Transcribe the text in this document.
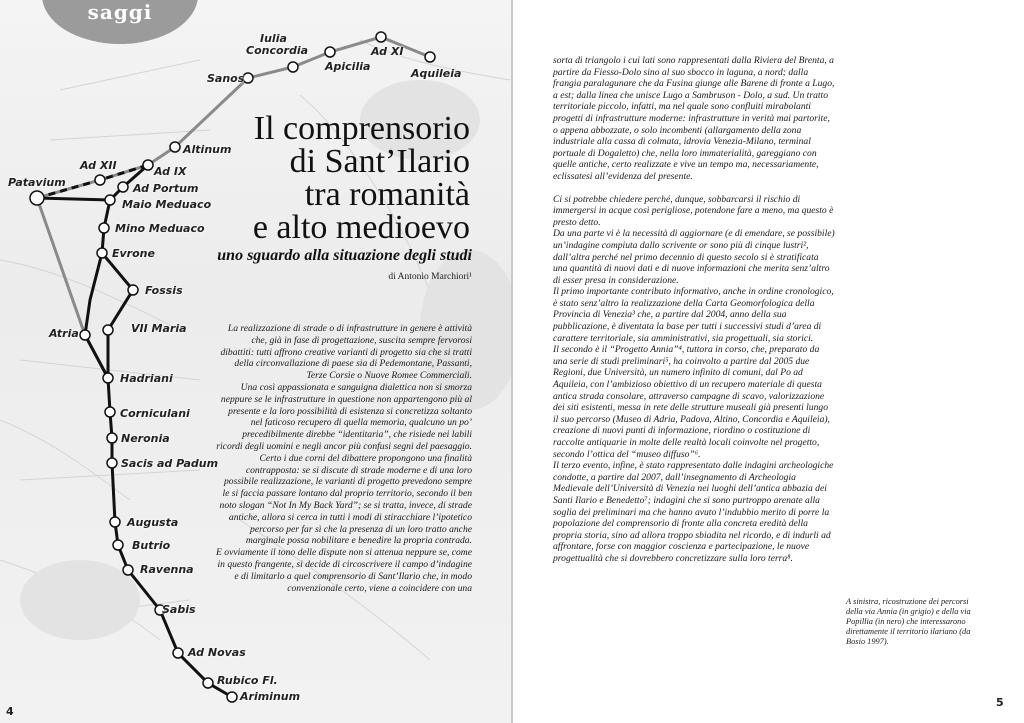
Iulia
Concordia	Ad XI
Apicilia
Aquileia
Sanos
Altinum
Ad XII	Ad IX
Patavium	Ad Portum
Maio Meduaco
Mino Meduaco
Evrone
Fossis
Atria	VII Maria
Hadriani
Corniculani
Neronia
Sacis ad Padum
Augusta
Butrio
Ravenna
Sabis
Ad Novas
Rubico Fl.
Ariminum
saggi
Il comprensorio
di Sant’Ilario
tra romanità
e alto medioevo
uno sguardo alla situazione degli studi
di Antonio Marchiori¹

La realizzazione di strade o di infrastrutture in genere è attività che, già in fase di progettazione, suscita sempre fervorosi dibattiti: tutti affrono creative varianti di progetto sia che si tratti della circonvallazione di paese sia di Pedemontane, Passanti, Terze Corsie o Nuove Romee Commerciali.

Una così appassionata e sanguigna dialettica non si smorza neppure se le infrastrutture in questione non appartengono più al presente e la loro possibilità di esistenza si concretizza soltanto nel faticoso recupero di quella memoria, qualcuno un po’ precedibilmente direbbe “identitaria”, che risiede nei labili ricordi degli uomini e negli ancor più confusi segni del paesaggio.

Certo i due corni del dibattere propongono una finalità contrapposta: se si discute di strade moderne e di una loro possibile realizzazione, le varianti di progetto prevedono sempre le si faccia passare lontano dal proprio territorio, secondo il ben noto slogan “Not In My Back Yard”; se si tratta, invece, di strade antiche, allora si cerca in tutti i modi di stiracchiare l’ipotetico percorso per far sì che la presenza di un loro tratto anche marginale possa nobilitare e benedire la propria contrada.

E ovviamente il tono delle dispute non si attenua neppure se, come in questo frangente, si decide di circoscrivere il campo d’indagine e di limitarlo a quel comprensorio di Sant’Ilario che, in modo convenzionale certo, viene a coincidere con una

4

sorta di triangolo i cui lati sono rappresentati dalla Riviera del Brenta, a partire da Fiesso-Dolo sino al suo sbocco in laguna, a nord; dalla frangia paralagunare che da Fusina giunge alle Barene di fronte a Lugo, a est; dalla linea che unisce Lugo a Sambruson - Dolo, a sud. Un tratto territoriale piccolo, infatti, ma nel quale sono confluiti mirabolanti progetti di infrastrutture moderne: infrastrutture in verità mai partorite, o appena abbozzate, o solo incombenti (allargamento della zona industriale alla cassa di colmata, idrovia Venezia-Milano, terminal portuale di Dogaletto) che, nella loro immaterialità, gareggiano con quelle antiche, certo realizzate e vive un tempo ma, necessariamente, eclissatesi all’evidenza del presente.

Ci si potrebbe chiedere perché, dunque, sobbarcarsi il rischio di immergersi in acque così perigliose, potendone fare a meno, ma questo è presto detto.
Da una parte vi è la necessità di aggiornare (e di emendare, se possibile) un’indagine compiuta dallo scrivente or sono più di cinque lustri², dall’altra perché nel primo decennio di questo secolo si è stratificata una quantità di nuovi dati e di nuove informazioni che merita senz’altro di esser presa in considerazione.
Il primo importante contributo informativo, anche in ordine cronologico, è stato senz’altro la realizzazione della Carta Geomorfologica della Provincia di Venezia³ che, a partire dal 2004, anno della sua pubblicazione, è diventata la base per tutti i successivi studi d’area di carattere territoriale, sia amministrativi, sia progettuali, sia storici.
Il secondo è il “Progetto Annia”⁴, tuttora in corso, che, preparato da una serie di studi preliminari⁵, ha coinvolto a partire dal 2005 due Regioni, due Università, un numero infinito di comuni, dal Po ad Aquileia, con l’ambizioso obiettivo di un recupero materiale di questa antica strada consolare, attraverso campagne di scavo, valorizzazione dei siti esistenti, messa in rete delle strutture museali già presenti lungo il suo percorso (Museo di Adria, Padova, Altino, Concordia e Aquileia), creazione di nuovi punti di informazione, riordino o costituzione di raccolte antiquarie in molte delle realtà locali coinvolte nel progetto, secondo l’ottica del “museo diffuso”⁶.
Il terzo evento, infine, è stato rappresentato dalle indagini archeologiche condotte, a partire dal 2007, dall’insegnamento di Archeologia Medievale dell’Università di Venezia nei luoghi dell’antica abbazia dei Santi Ilario e Benedetto⁷; indagini che si sono purtroppo arenate alla soglia dei preliminari ma che hanno avuto l’indubbio merito di porre la popolazione del comprensorio di fronte alla concreta eredità della propria storia, sino ad allora troppo sbiadita nel ricordo, e di indurli ad affrontare, forse con maggior coscienza e partecipazione, le nuove progettualità che si dovrebbero concretizzare sulla loro terra⁸.

A sinistra, ricostruzione dei percorsi della via Annia (in grigio) e della via Popillia (in nero) che interessarono direttamente il territorio ilariano (da Bosio 1997).
5
